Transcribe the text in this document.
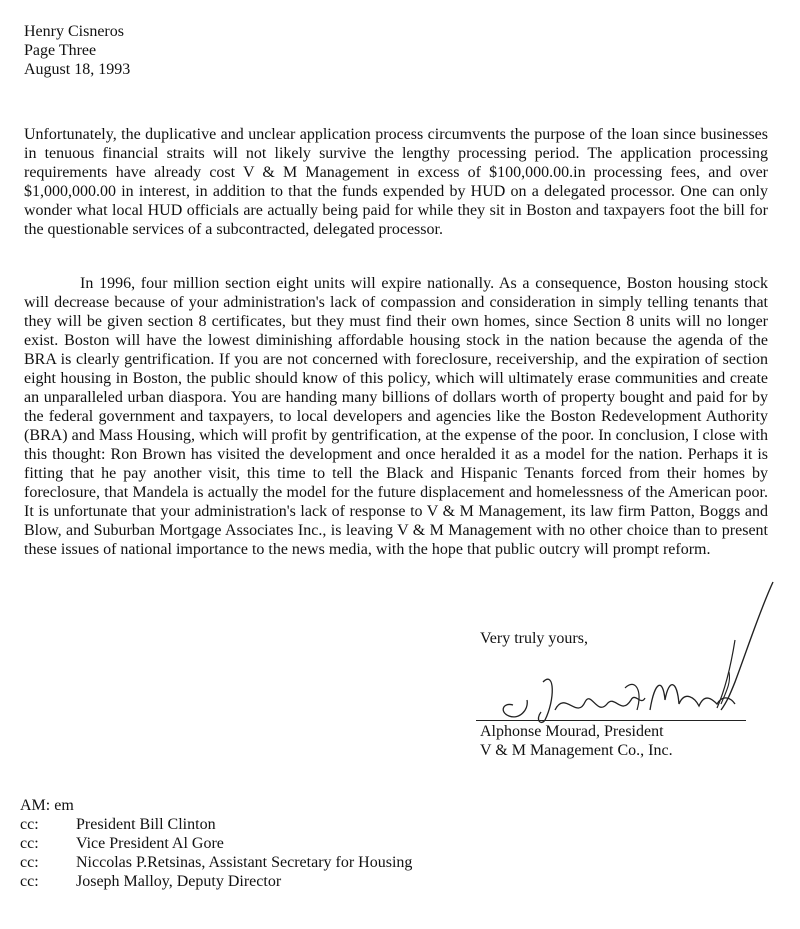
Henry Cisneros
Page Three
August 18, 1993

Unfortunately, the duplicative and unclear application process circumvents the purpose of the loan since businesses in tenuous financial straits will not likely survive the lengthy processing period. The application processing requirements have already cost V & M Management in excess of $100,000.00.in processing fees, and over $1,000,000.00 in interest, in addition to that the funds expended by HUD on a delegated processor. One can only wonder what local HUD officials are actually being paid for while they sit in Boston and taxpayers foot the bill for the questionable services of a subcontracted, delegated processor.

In 1996, four million section eight units will expire nationally. As a consequence, Boston housing stock will decrease because of your administration's lack of compassion and consideration in simply telling tenants that they will be given section 8 certificates, but they must find their own homes, since Section 8 units will no longer exist. Boston will have the lowest diminishing affordable housing stock in the nation because the agenda of the BRA is clearly gentrification. If you are not concerned with foreclosure, receivership, and the expiration of section eight housing in Boston, the public should know of this policy, which will ultimately erase communities and create an unparalleled urban diaspora. You are handing many billions of dollars worth of property bought and paid for by the federal government and taxpayers, to local developers and agencies like the Boston Redevelopment Authority (BRA) and Mass Housing, which will profit by gentrification, at the expense of the poor. In conclusion, I close with this thought: Ron Brown has visited the development and once heralded it as a model for the nation. Perhaps it is fitting that he pay another visit, this time to tell the Black and Hispanic Tenants forced from their homes by foreclosure, that Mandela is actually the model for the future displacement and homelessness of the American poor. It is unfortunate that your administration's lack of response to V & M Management, its law firm Patton, Boggs and Blow, and Suburban Mortgage Associates Inc., is leaving V & M Management with no other choice than to present these issues of national importance to the news media, with the hope that public outcry will prompt reform.

Very truly yours,
Alphonse Mourad, President
V & M Management Co., Inc.
AM: em
cc:	President Bill Clinton
cc:	Vice President Al Gore
cc:	Niccolas P.Retsinas, Assistant Secretary for Housing
cc:	Joseph Malloy, Deputy Director
